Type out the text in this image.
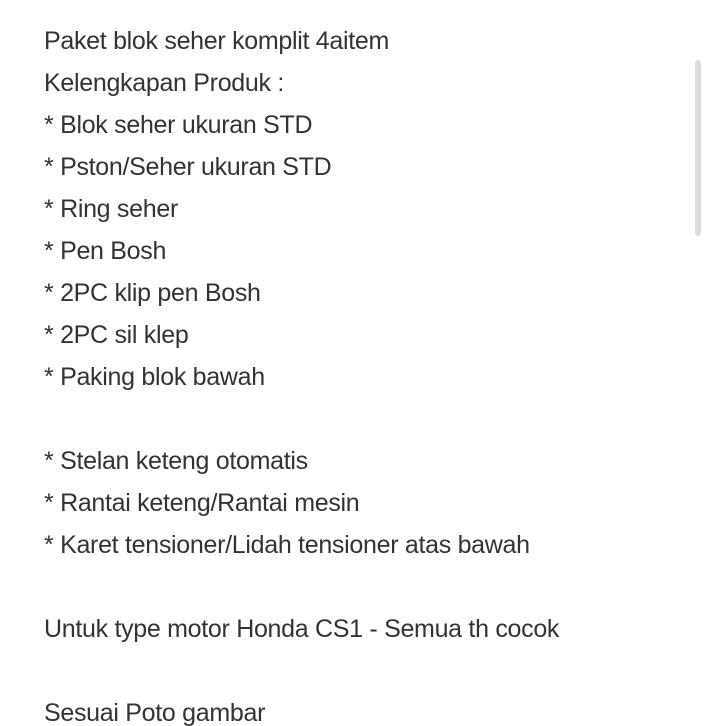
Paket blok seher komplit 4aitem
Kelengkapan Produk :
* Blok seher ukuran STD
* Pston/Seher ukuran STD
* Ring seher
* Pen Bosh
* 2PC klip pen Bosh
* 2PC sil klep
* Paking blok bawah
* Stelan keteng otomatis
* Rantai keteng/Rantai mesin
* Karet tensioner/Lidah tensioner atas bawah
Untuk type motor Honda CS1 - Semua th cocok
Sesuai Poto gambar
